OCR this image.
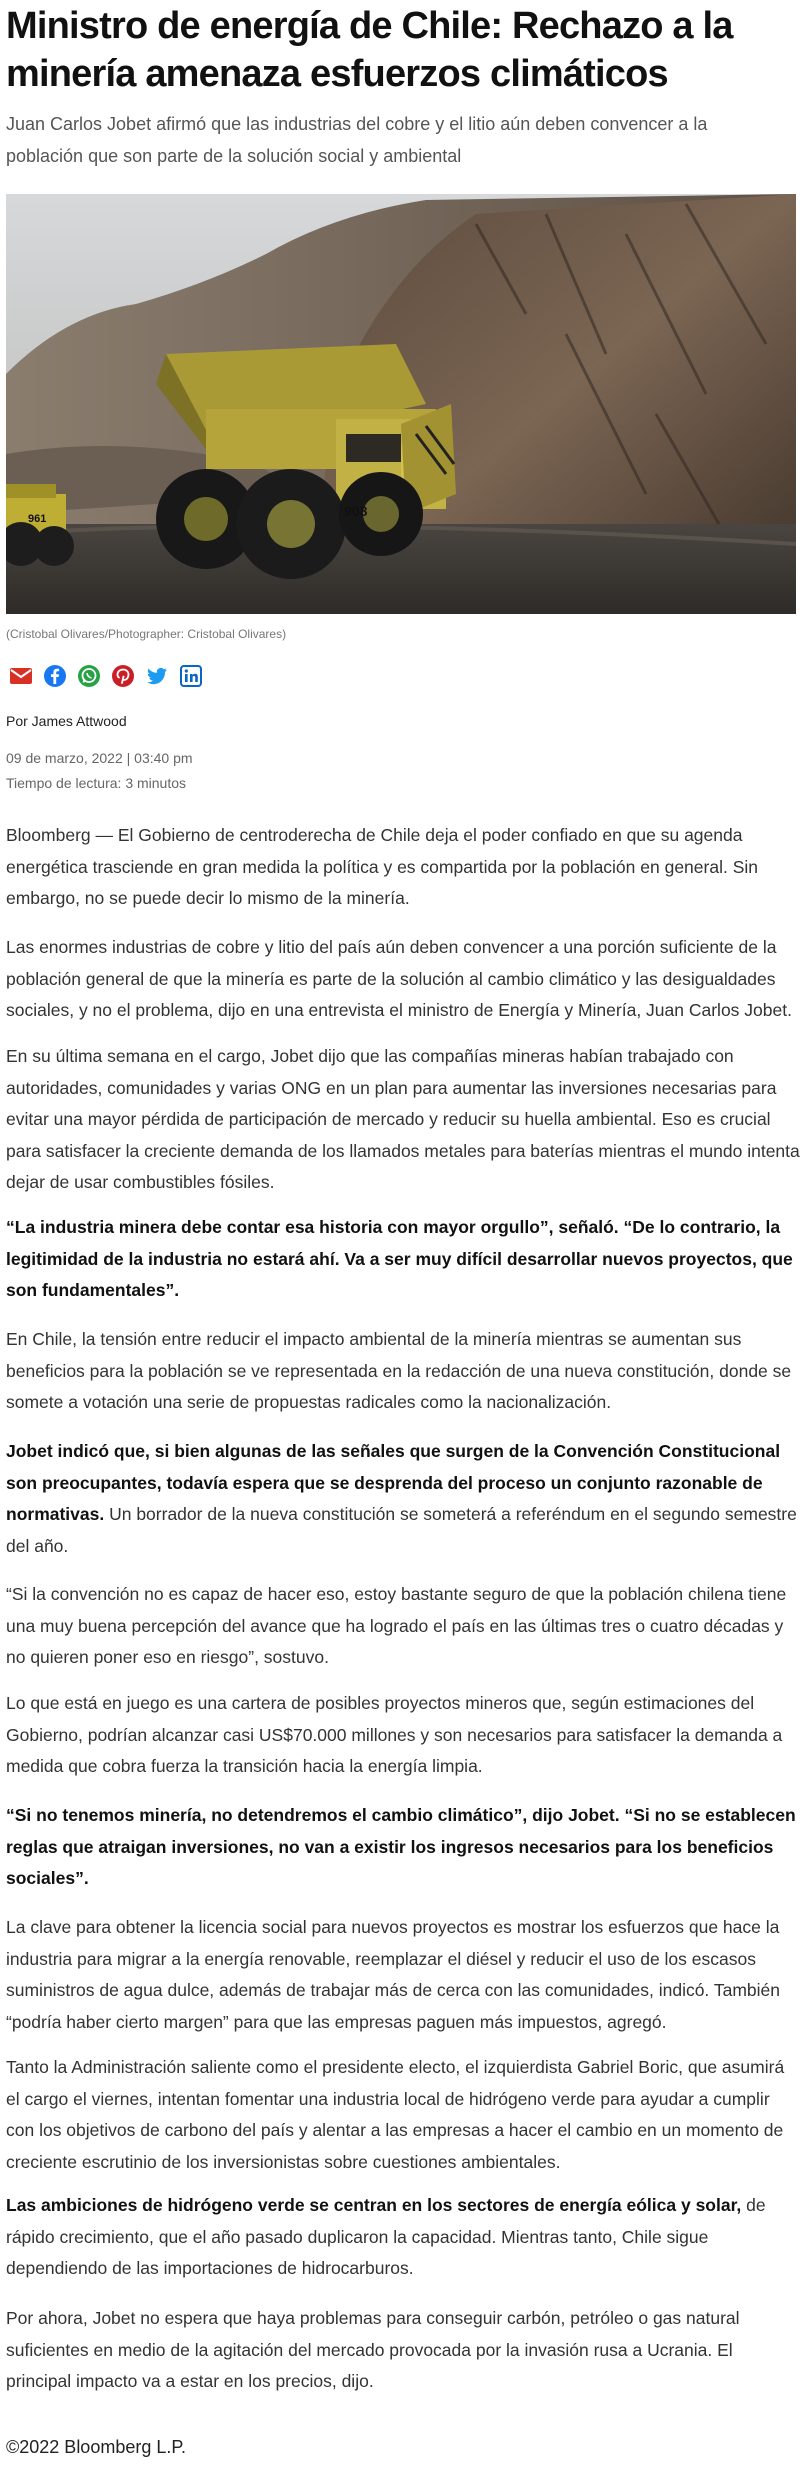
Ministro de energía de Chile: Rechazo a la minería amenaza esfuerzos climáticos

Juan Carlos Jobet afirmó que las industrias del cobre y el litio aún deben convencer a la población que son parte de la solución social y ambiental

961	908
(Cristobal Olivares/Photographer: Cristobal Olivares)
Por James Attwood
09 de marzo, 2022 | 03:40 pm
Tiempo de lectura: 3 minutos

Bloomberg — El Gobierno de centroderecha de Chile deja el poder confiado en que su agenda energética trasciende en gran medida la política y es compartida por la población en general. Sin embargo, no se puede decir lo mismo de la minería.

Las enormes industrias de cobre y litio del país aún deben convencer a una porción suficiente de la población general de que la minería es parte de la solución al cambio climático y las desigualdades sociales, y no el problema, dijo en una entrevista el ministro de Energía y Minería, Juan Carlos Jobet.

En su última semana en el cargo, Jobet dijo que las compañías mineras habían trabajado con autoridades, comunidades y varias ONG en un plan para aumentar las inversiones necesarias para evitar una mayor pérdida de participación de mercado y reducir su huella ambiental. Eso es crucial para satisfacer la creciente demanda de los llamados metales para baterías mientras el mundo intenta dejar de usar combustibles fósiles.

“La industria minera debe contar esa historia con mayor orgullo”, señaló. “De lo contrario, la legitimidad de la industria no estará ahí. Va a ser muy difícil desarrollar nuevos proyectos, que son fundamentales”.

En Chile, la tensión entre reducir el impacto ambiental de la minería mientras se aumentan sus beneficios para la población se ve representada en la redacción de una nueva constitución, donde se somete a votación una serie de propuestas radicales como la nacionalización.

Jobet indicó que, si bien algunas de las señales que surgen de la Convención Constitucional son preocupantes, todavía espera que se desprenda del proceso un conjunto razonable de normativas. Un borrador de la nueva constitución se someterá a referéndum en el segundo semestre del año.

“Si la convención no es capaz de hacer eso, estoy bastante seguro de que la población chilena tiene una muy buena percepción del avance que ha logrado el país en las últimas tres o cuatro décadas y no quieren poner eso en riesgo”, sostuvo.

Lo que está en juego es una cartera de posibles proyectos mineros que, según estimaciones del Gobierno, podrían alcanzar casi US$70.000 millones y son necesarios para satisfacer la demanda a medida que cobra fuerza la transición hacia la energía limpia.

“Si no tenemos minería, no detendremos el cambio climático”, dijo Jobet. “Si no se establecen reglas que atraigan inversiones, no van a existir los ingresos necesarios para los beneficios sociales”.

La clave para obtener la licencia social para nuevos proyectos es mostrar los esfuerzos que hace la industria para migrar a la energía renovable, reemplazar el diésel y reducir el uso de los escasos suministros de agua dulce, además de trabajar más de cerca con las comunidades, indicó. También “podría haber cierto margen” para que las empresas paguen más impuestos, agregó.

Tanto la Administración saliente como el presidente electo, el izquierdista Gabriel Boric, que asumirá el cargo el viernes, intentan fomentar una industria local de hidrógeno verde para ayudar a cumplir con los objetivos de carbono del país y alentar a las empresas a hacer el cambio en un momento de creciente escrutinio de los inversionistas sobre cuestiones ambientales.

Las ambiciones de hidrógeno verde se centran en los sectores de energía eólica y solar, de rápido crecimiento, que el año pasado duplicaron la capacidad. Mientras tanto, Chile sigue dependiendo de las importaciones de hidrocarburos.

Por ahora, Jobet no espera que haya problemas para conseguir carbón, petróleo o gas natural suficientes en medio de la agitación del mercado provocada por la invasión rusa a Ucrania. El principal impacto va a estar en los precios, dijo.

©2022 Bloomberg L.P.
